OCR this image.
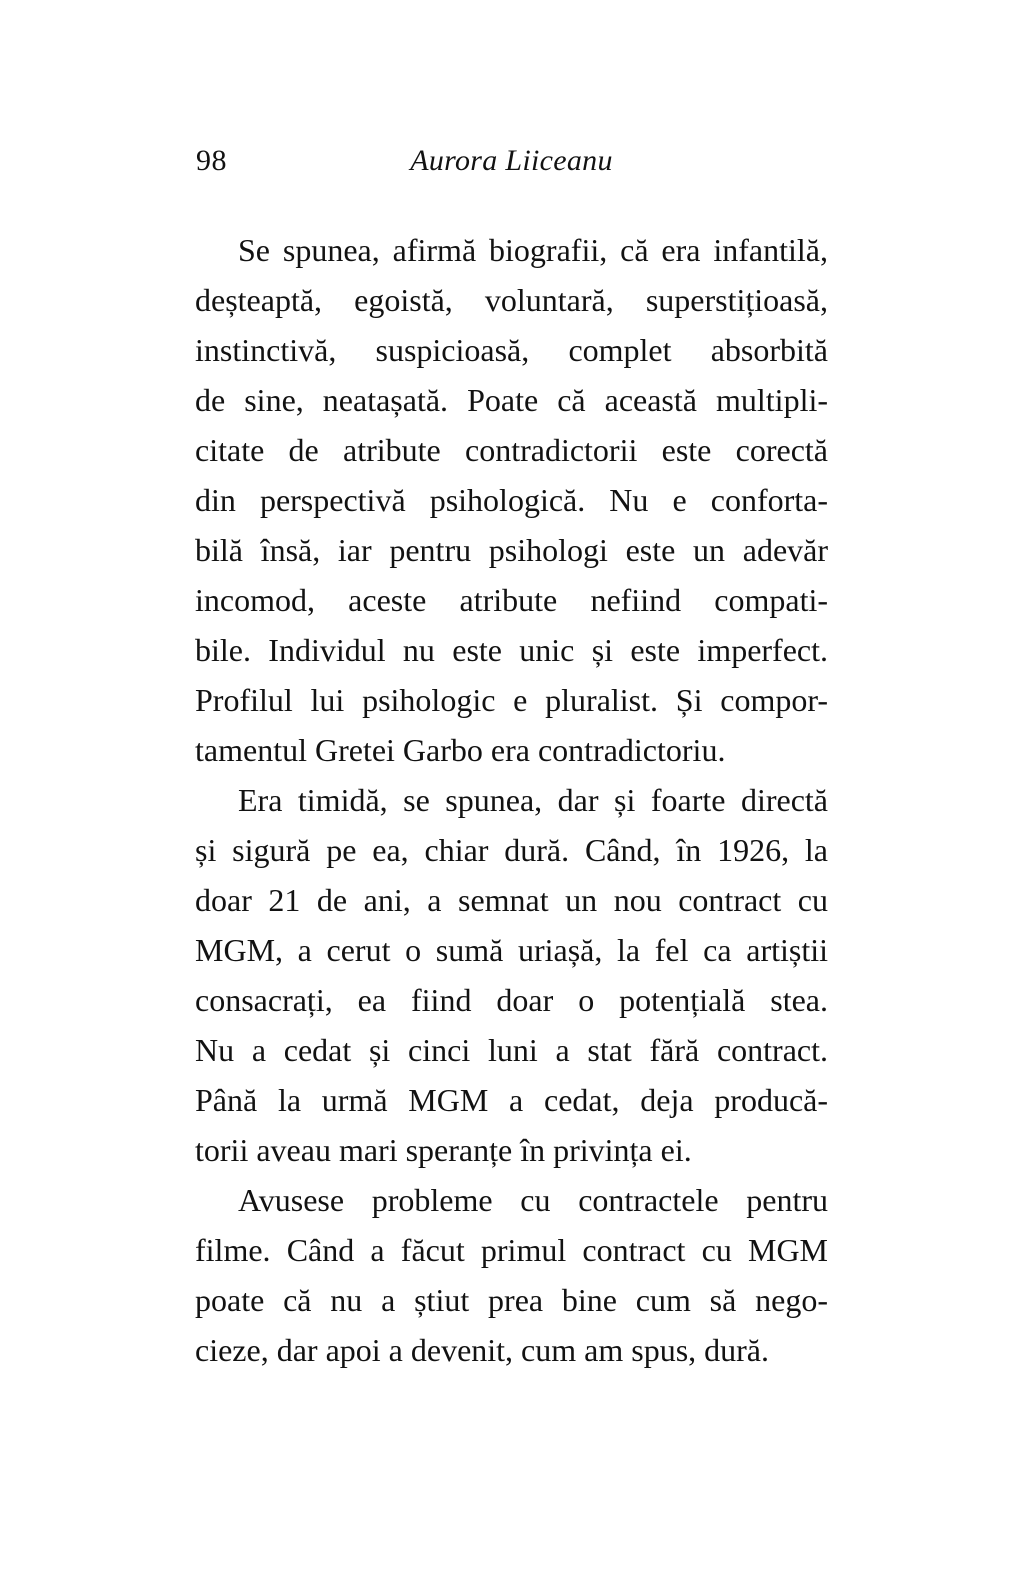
98	Aurora Liiceanu
Se spunea, afirmă biografii, că era infantilă,
deșteaptă, egoistă, voluntară, superstițioasă,
instinctivă, suspicioasă, complet absorbită
de sine, neatașată. Poate că această multipli-
citate de atribute contradictorii este corectă
din perspectivă psihologică. Nu e conforta-
bilă însă, iar pentru psihologi este un adevăr
incomod, aceste atribute nefiind compati-
bile. Individul nu este unic și este imperfect.
Profilul lui psihologic e pluralist. Și compor-
tamentul Gretei Garbo era contradictoriu.
Era timidă, se spunea, dar și foarte directă
și sigură pe ea, chiar dură. Când, în 1926, la
doar 21 de ani, a semnat un nou contract cu
MGM, a cerut o sumă uriașă, la fel ca artiștii
consacrați, ea fiind doar o potențială stea.
Nu a cedat și cinci luni a stat fără contract.
Până la urmă MGM a cedat, deja producă-
torii aveau mari speranțe în privința ei.
Avusese probleme cu contractele pentru
filme. Când a făcut primul contract cu MGM
poate că nu a știut prea bine cum să nego-
cieze, dar apoi a devenit, cum am spus, dură.
